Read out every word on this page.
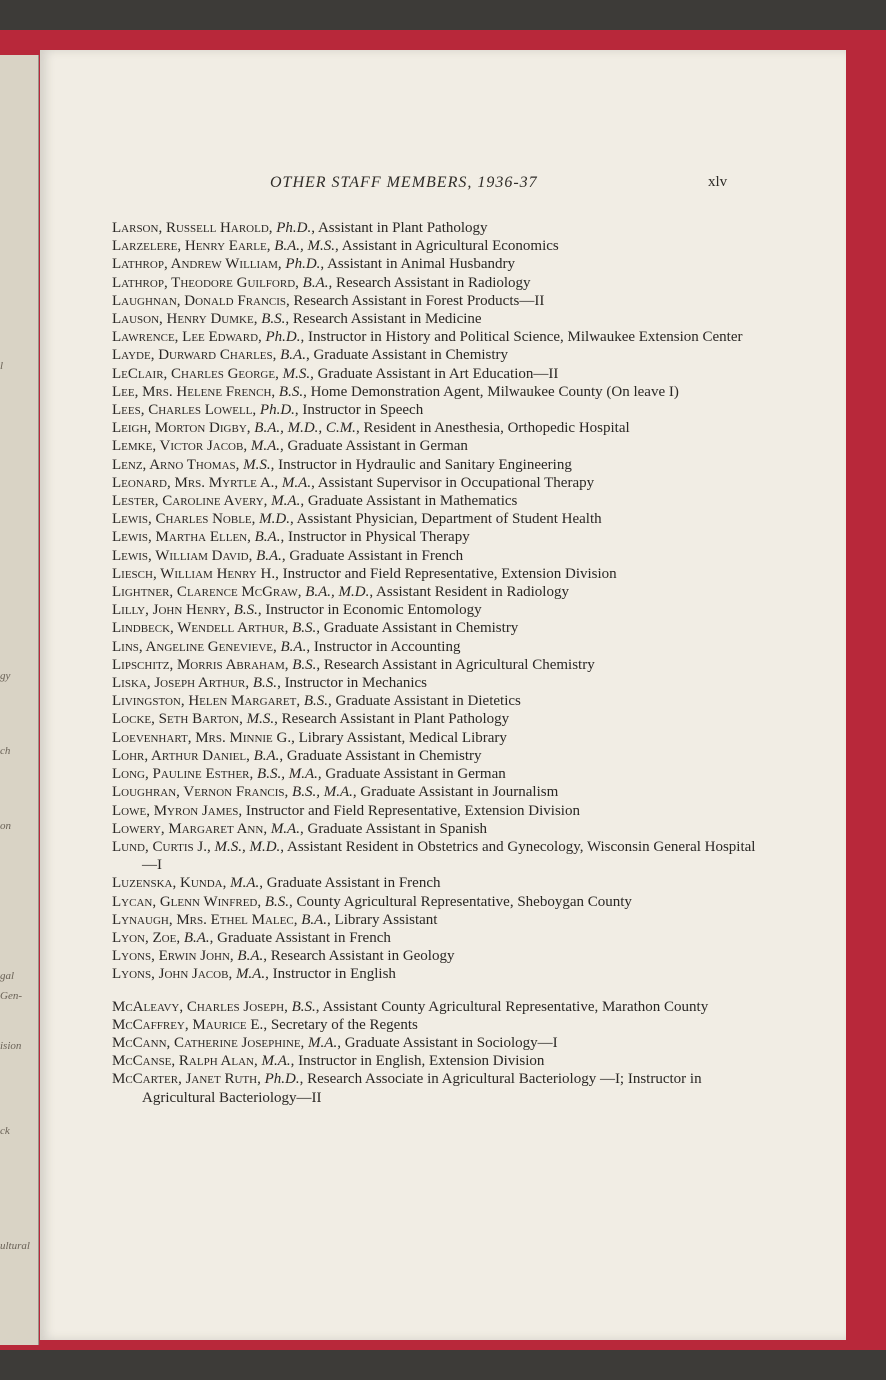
l
gy
ch
on
gal
Gen-
ision
ck
ultural
OTHER STAFF MEMBERS, 1936-37	xlv

Larson, Russell Harold, Ph.D., Assistant in Plant Pathology

Larzelere, Henry Earle, B.A., M.S., Assistant in Agricultural Economics

Lathrop, Andrew William, Ph.D., Assistant in Animal Husbandry

Lathrop, Theodore Guilford, B.A., Research Assistant in Radiology

Laughnan, Donald Francis, Research Assistant in Forest Products—II

Lauson, Henry Dumke, B.S., Research Assistant in Medicine

Lawrence, Lee Edward, Ph.D., Instructor in History and Political Science, Milwaukee Extension Center

Layde, Durward Charles, B.A., Graduate Assistant in Chemistry

LeClair, Charles George, M.S., Graduate Assistant in Art Education—II

Lee, Mrs. Helene French, B.S., Home Demonstration Agent, Milwaukee County (On leave I)

Lees, Charles Lowell, Ph.D., Instructor in Speech

Leigh, Morton Digby, B.A., M.D., C.M., Resident in Anesthesia, Orthopedic Hospital

Lemke, Victor Jacob, M.A., Graduate Assistant in German

Lenz, Arno Thomas, M.S., Instructor in Hydraulic and Sanitary Engineering

Leonard, Mrs. Myrtle A., M.A., Assistant Supervisor in Occupational Therapy

Lester, Caroline Avery, M.A., Graduate Assistant in Mathematics

Lewis, Charles Noble, M.D., Assistant Physician, Department of Student Health

Lewis, Martha Ellen, B.A., Instructor in Physical Therapy

Lewis, William David, B.A., Graduate Assistant in French

Liesch, William Henry H., Instructor and Field Representative, Extension Division

Lightner, Clarence McGraw, B.A., M.D., Assistant Resident in Radiology

Lilly, John Henry, B.S., Instructor in Economic Entomology

Lindbeck, Wendell Arthur, B.S., Graduate Assistant in Chemistry

Lins, Angeline Genevieve, B.A., Instructor in Accounting

Lipschitz, Morris Abraham, B.S., Research Assistant in Agricultural Chemistry

Liska, Joseph Arthur, B.S., Instructor in Mechanics

Livingston, Helen Margaret, B.S., Graduate Assistant in Dietetics

Locke, Seth Barton, M.S., Research Assistant in Plant Pathology

Loevenhart, Mrs. Minnie G., Library Assistant, Medical Library

Lohr, Arthur Daniel, B.A., Graduate Assistant in Chemistry

Long, Pauline Esther, B.S., M.A., Graduate Assistant in German

Loughran, Vernon Francis, B.S., M.A., Graduate Assistant in Journalism

Lowe, Myron James, Instructor and Field Representative, Extension Division

Lowery, Margaret Ann, M.A., Graduate Assistant in Spanish

Lund, Curtis J., M.S., M.D., Assistant Resident in Obstetrics and Gynecology, Wisconsin General Hospital—I

Luzenska, Kunda, M.A., Graduate Assistant in French

Lycan, Glenn Winfred, B.S., County Agricultural Representative, Sheboygan County

Lynaugh, Mrs. Ethel Malec, B.A., Library Assistant

Lyon, Zoe, B.A., Graduate Assistant in French

Lyons, Erwin John, B.A., Research Assistant in Geology

Lyons, John Jacob, M.A., Instructor in English

McAleavy, Charles Joseph, B.S., Assistant County Agricultural Representative, Marathon County

McCaffrey, Maurice E., Secretary of the Regents

McCann, Catherine Josephine, M.A., Graduate Assistant in Sociology—I

McCanse, Ralph Alan, M.A., Instructor in English, Extension Division

McCarter, Janet Ruth, Ph.D., Research Associate in Agricultural Bacteriology —I; Instructor in Agricultural Bacteriology—II
